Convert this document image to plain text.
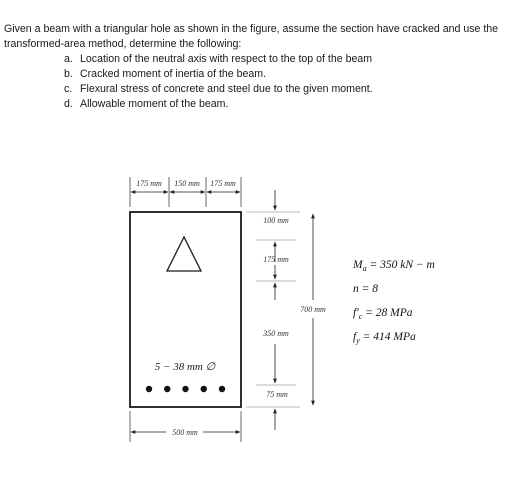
Given a beam with a triangular hole as shown in the figure, assume the section have cracked and use the transformed-area method, determine the following:

a. Location of the neutral axis with respect to the top of the beam
b. Cracked moment of inertia of the beam.
c. Flexural stress of concrete and steel due to the given moment.
d. Allowable moment of the beam.
175 mm 150 mm 175 mm
5 − 38 mm ∅
100 mm
175 mm
350 mm
75 mm
700 mm
500 mm
$M_a = 350$ kN − m
n = 8
$f'_c = 28$ MPa
$f_y = 414$ MPa
